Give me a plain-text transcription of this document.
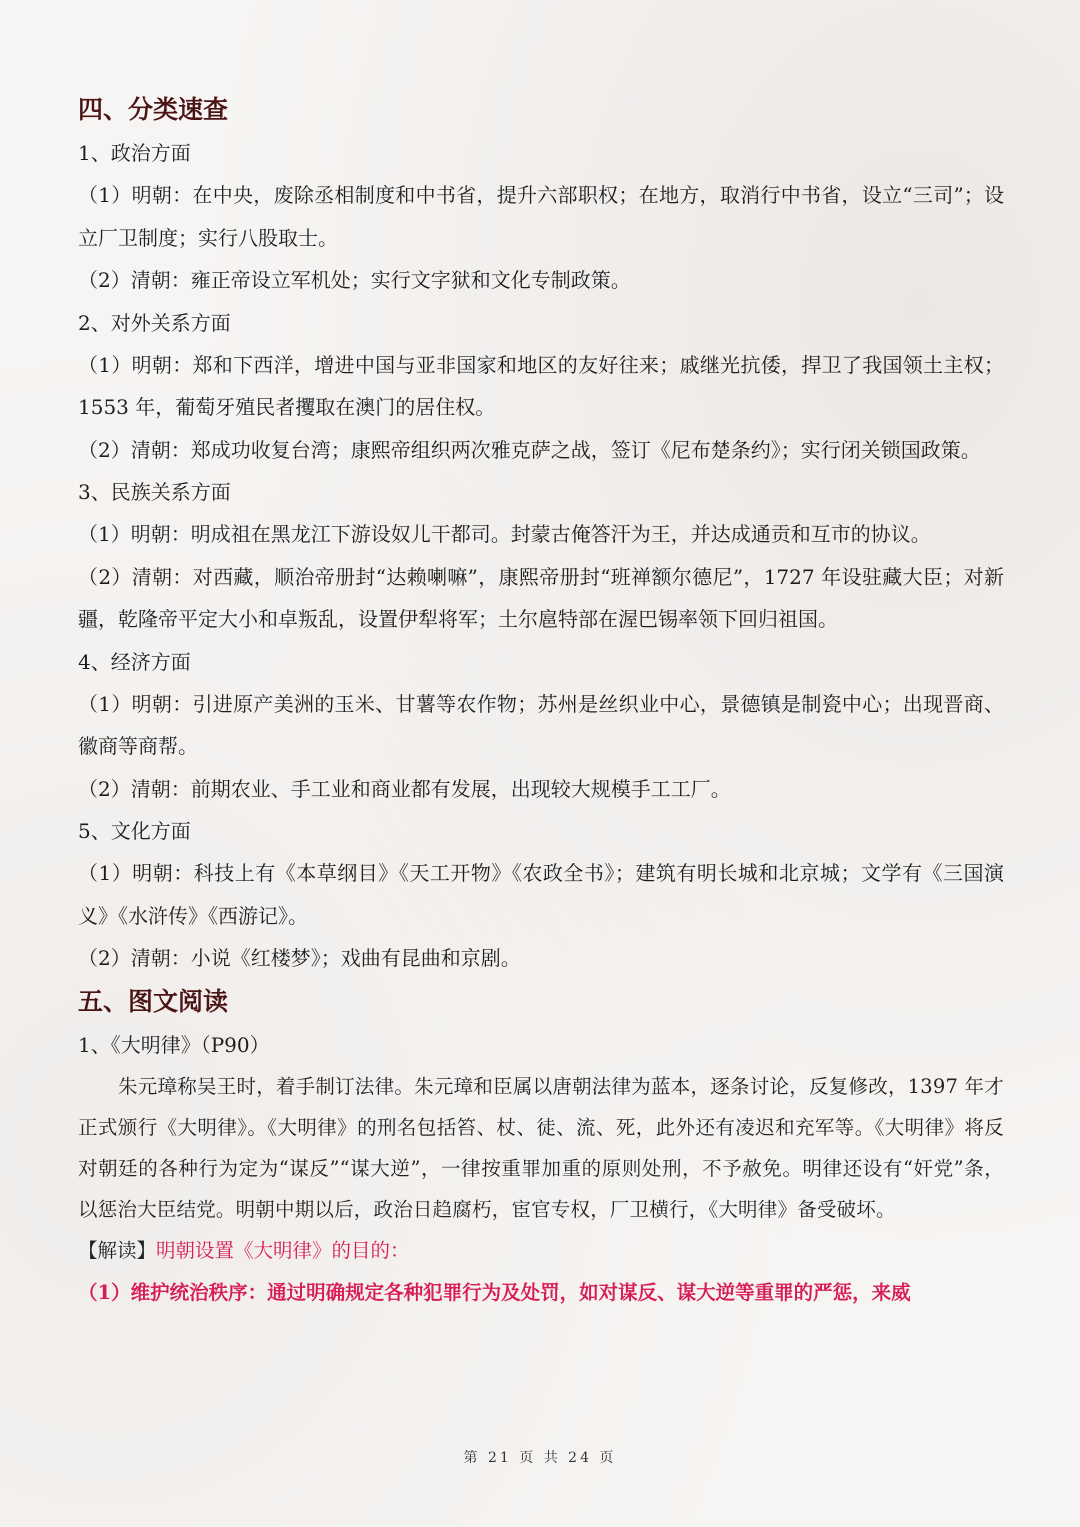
四、分类速查

1、政治方面

（1）明朝：在中央，废除丞相制度和中书省，提升六部职权；在地方，取消行中书省，设立“三司”；设立厂卫制度；实行八股取士。

（2）清朝：雍正帝设立军机处；实行文字狱和文化专制政策。

2、对外关系方面

（1）明朝：郑和下西洋，增进中国与亚非国家和地区的友好往来；戚继光抗倭，捍卫了我国领土主权；1553 年，葡萄牙殖民者攫取在澳门的居住权。

（2）清朝：郑成功收复台湾；康熙帝组织两次雅克萨之战，签订《尼布楚条约》；实行闭关锁国政策。

3、民族关系方面

（1）明朝：明成祖在黑龙江下游设奴儿干都司。封蒙古俺答汗为王，并达成通贡和互市的协议。

（2）清朝：对西藏，顺治帝册封“达赖喇嘛”，康熙帝册封“班禅额尔德尼”，1727 年设驻藏大臣；对新疆，乾隆帝平定大小和卓叛乱，设置伊犁将军；土尔扈特部在渥巴锡率领下回归祖国。

4、经济方面

（1）明朝：引进原产美洲的玉米、甘薯等农作物；苏州是丝织业中心，景德镇是制瓷中心；出现晋商、徽商等商帮。

（2）清朝：前期农业、手工业和商业都有发展，出现较大规模手工工厂。

5、文化方面

（1）明朝：科技上有《本草纲目》《天工开物》《农政全书》；建筑有明长城和北京城；文学有《三国演义》《水浒传》《西游记》。

（2）清朝：小说《红楼梦》；戏曲有昆曲和京剧。

五、图文阅读

1、《大明律》（P90）

朱元璋称吴王时，着手制订法律。朱元璋和臣属以唐朝法律为蓝本，逐条讨论，反复修改，1397 年才正式颁行《大明律》。《大明律》的刑名包括笞、杖、徒、流、死，此外还有凌迟和充军等。《大明律》将反对朝廷的各种行为定为“谋反”“谋大逆”，一律按重罪加重的原则处刑，不予赦免。明律还设有“奸党”条，以惩治大臣结党。明朝中期以后，政治日趋腐朽，宦官专权，厂卫横行，《大明律》备受破坏。

【解读】明朝设置《大明律》的目的：

（1）维护统治秩序：通过明确规定各种犯罪行为及处罚，如对谋反、谋大逆等重罪的严惩，来威

第 21 页 共 24 页
